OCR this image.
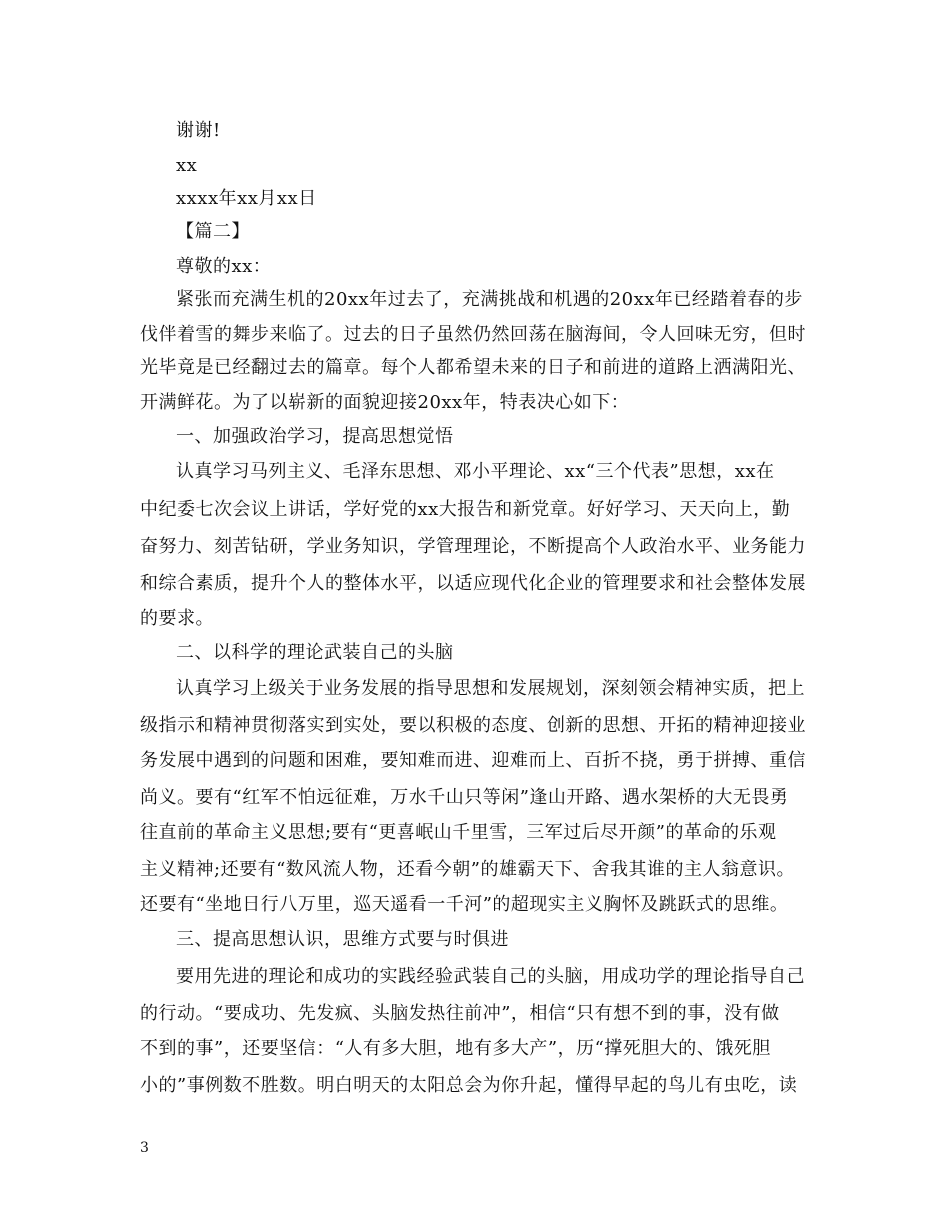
谢谢!
xx
xxxx年xx月xx日
【篇二】
尊敬的xx：
紧张而充满生机的20xx年过去了，充满挑战和机遇的20xx年已经踏着春的步
伐伴着雪的舞步来临了。过去的日子虽然仍然回荡在脑海间，令人回味无穷，但时
光毕竟是已经翻过去的篇章。每个人都希望未来的日子和前进的道路上洒满阳光、
开满鲜花。为了以崭新的面貌迎接20xx年，特表决心如下：
一、加强政治学习，提高思想觉悟
认真学习马列主义、毛泽东思想、邓小平理论、xx“三个代表”思想，xx在
中纪委七次会议上讲话，学好党的xx大报告和新党章。好好学习、天天向上，勤
奋努力、刻苦钻研，学业务知识，学管理理论，不断提高个人政治水平、业务能力
和综合素质，提升个人的整体水平，以适应现代化企业的管理要求和社会整体发展
的要求。
二、以科学的理论武装自己的头脑
认真学习上级关于业务发展的指导思想和发展规划，深刻领会精神实质，把上
级指示和精神贯彻落实到实处，要以积极的态度、创新的思想、开拓的精神迎接业
务发展中遇到的问题和困难，要知难而进、迎难而上、百折不挠，勇于拼搏、重信
尚义。要有“红军不怕远征难，万水千山只等闲”逢山开路、遇水架桥的大无畏勇
往直前的革命主义思想;要有“更喜岷山千里雪，三军过后尽开颜”的革命的乐观
主义精神;还要有“数风流人物，还看今朝”的雄霸天下、舍我其谁的主人翁意识。
还要有“坐地日行八万里，巡天遥看一千河”的超现实主义胸怀及跳跃式的思维。
三、提高思想认识，思维方式要与时俱进
要用先进的理论和成功的实践经验武装自己的头脑，用成功学的理论指导自己
的行动。“要成功、先发疯、头脑发热往前冲”，相信“只有想不到的事，没有做
不到的事”，还要坚信：“人有多大胆，地有多大产”，历“撑死胆大的、饿死胆
小的”事例数不胜数。明白明天的太阳总会为你升起，懂得早起的鸟儿有虫吃，读
3
